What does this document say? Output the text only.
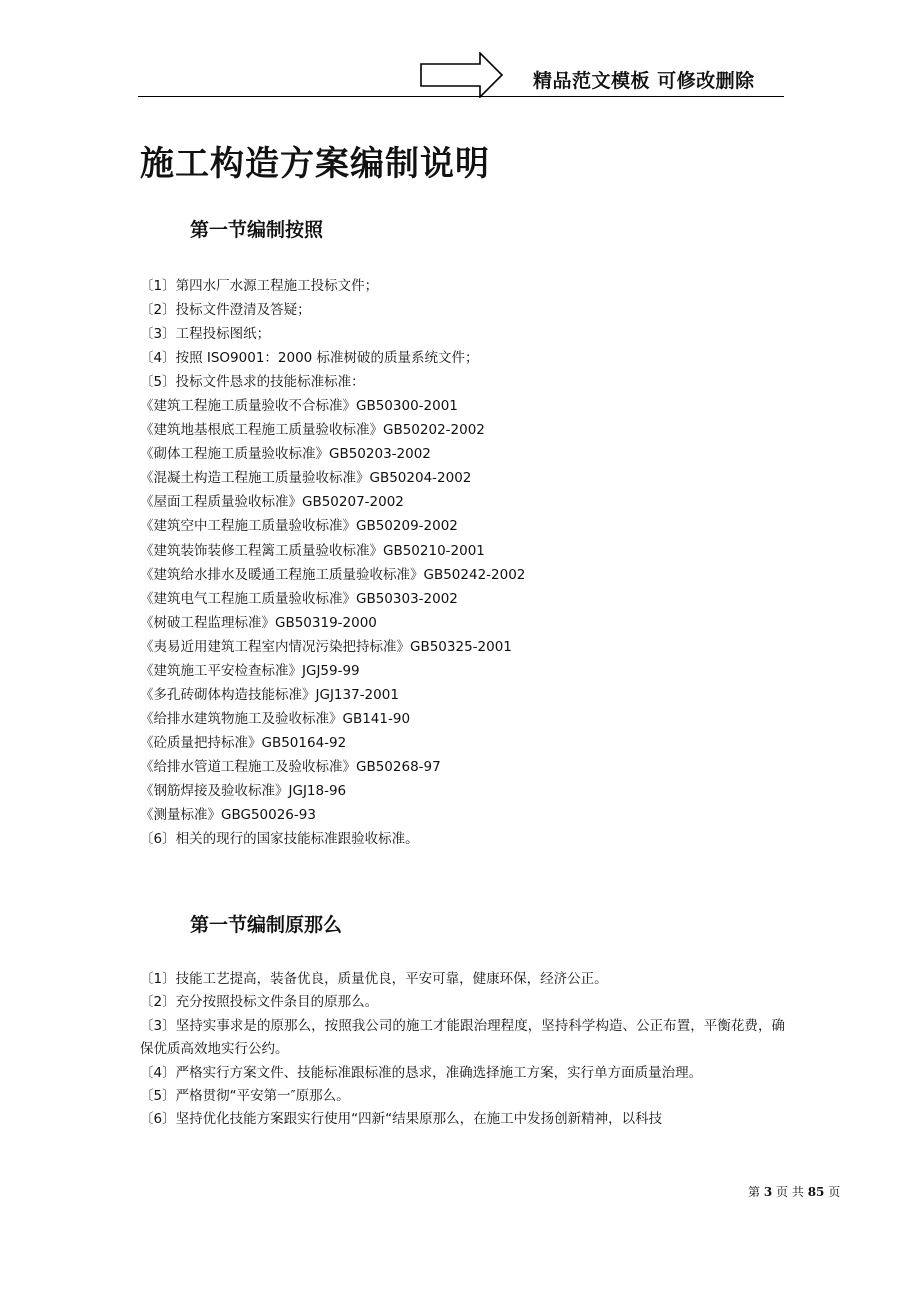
精品范文模板 可修改删除
施工构造方案编制说明
第一节编制按照
〔1〕第四水厂水源工程施工投标文件；
〔2〕投标文件澄清及答疑；
〔3〕工程投标图纸；
〔4〕按照 ISO9001：2000 标准树破的质量系统文件；
〔5〕投标文件恳求的技能标准标准：
《建筑工程施工质量验收不合标准》GB50300-2001
《建筑地基根底工程施工质量验收标准》GB50202-2002
《砌体工程施工质量验收标准》GB50203-2002
《混凝土构造工程施工质量验收标准》GB50204-2002
《屋面工程质量验收标准》GB50207-2002
《建筑空中工程施工质量验收标准》GB50209-2002
《建筑装饰装修工程篱工质量验收标准》GB50210-2001
《建筑给水排水及暖通工程施工质量验收标准》GB50242-2002
《建筑电气工程施工质量验收标准》GB50303-2002
《树破工程监理标准》GB50319-2000
《夷易近用建筑工程室内情况污染把持标准》GB50325-2001
《建筑施工平安检查标准》JGJ59-99
《多孔砖砌体构造技能标准》JGJ137-2001
《给排水建筑物施工及验收标准》GB141-90
《砼质量把持标准》GB50164-92
《给排水管道工程施工及验收标准》GB50268-97
《钢筋焊接及验收标准》JGJ18-96
《测量标准》GBG50026-93
〔6〕相关的现行的国家技能标准跟验收标准。
第一节编制原那么
〔1〕技能工艺提高，装备优良，质量优良，平安可靠，健康环保，经济公正。
〔2〕充分按照投标文件条目的原那么。
〔3〕坚持实事求是的原那么，按照我公司的施工才能跟治理程度，坚持科学构造、公正布置，平衡花费，确保优质高效地实行公约。
〔4〕严格实行方案文件、技能标准跟标准的恳求，准确选择施工方案，实行单方面质量治理。
〔5〕严格贯彻“平安第一″原那么。
〔6〕坚持优化技能方案跟实行使用“四新“结果原那么，在施工中发扬创新精神，以科技
第 3 页 共 85 页
